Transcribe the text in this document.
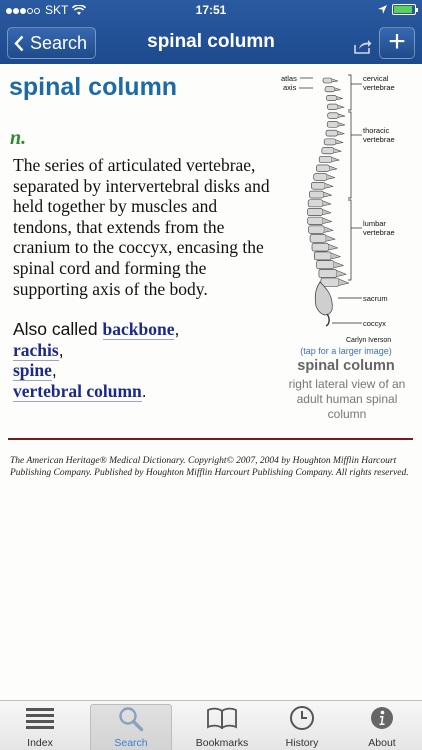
SKT	17:51
Search	spinal column	+
spinal column
n.
The series of articulated vertebrae, separated by intervertebral disks and held together by muscles and tendons, that extends from the cranium to the coccyx, encasing the spinal cord and forming the supporting axis of the body.
Also called backbone,
rachis,
spine,
vertebral column.
atlas
axis
cervical
vertebrae
thoracic
vertebrae
lumbar
vertebrae
sacrum
coccyx
Carlyn Iverson
(tap for a larger image)
spinal column
right lateral view of an adult human spinal column
The American Heritage® Medical Dictionary. Copyright© 2007, 2004 by Houghton Mifflin Harcourt Publishing Company. Published by Houghton Mifflin Harcourt Publishing Company. All rights reserved.
Index	Search	Bookmarks	History	About
